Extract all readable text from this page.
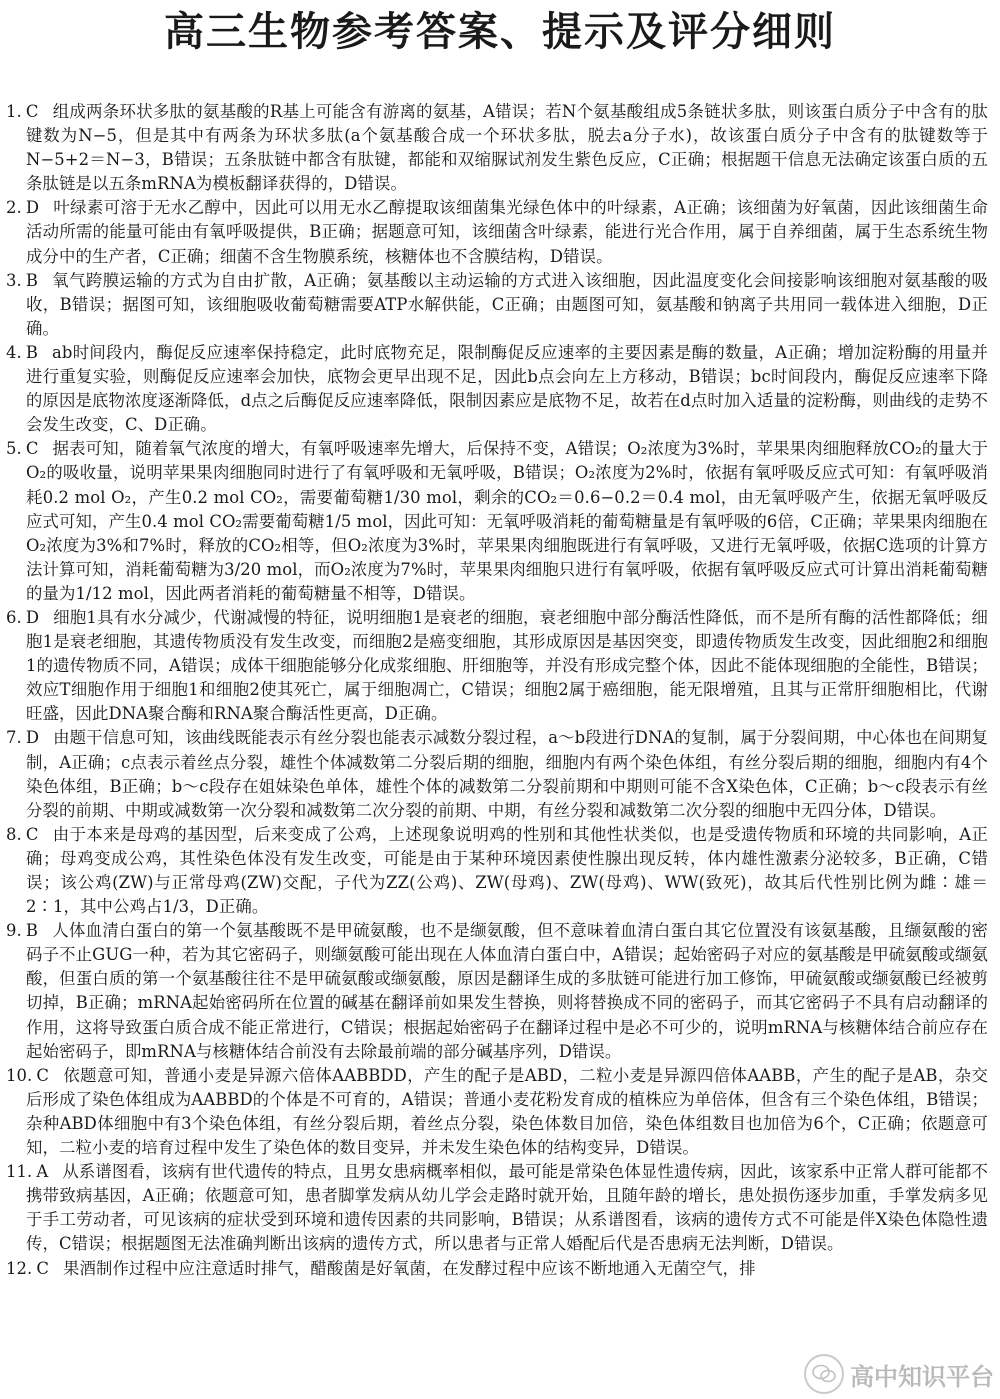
高三生物参考答案、提示及评分细则

1. C 组成两条环状多肽的氨基酸的R基上可能含有游离的氨基，A错误；若N个氨基酸组成5条链状多肽，则该蛋白质分子中含有的肽键数为N−5，但是其中有两条为环状多肽(a个氨基酸合成一个环状多肽，脱去a分子水)，故该蛋白质分子中含有的肽键数等于N−5+2＝N−3，B错误；五条肽链中都含有肽键，都能和双缩脲试剂发生紫色反应，C正确；根据题干信息无法确定该蛋白质的五条肽链是以五条mRNA为模板翻译获得的，D错误。

2. D 叶绿素可溶于无水乙醇中，因此可以用无水乙醇提取该细菌集光绿色体中的叶绿素，A正确；该细菌为好氧菌，因此该细菌生命活动所需的能量可能由有氧呼吸提供，B正确；据题意可知，该细菌含叶绿素，能进行光合作用，属于自养细菌，属于生态系统生物成分中的生产者，C正确；细菌不含生物膜系统，核糖体也不含膜结构，D错误。

3. B 氧气跨膜运输的方式为自由扩散，A正确；氨基酸以主动运输的方式进入该细胞，因此温度变化会间接影响该细胞对氨基酸的吸收，B错误；据图可知，该细胞吸收葡萄糖需要ATP水解供能，C正确；由题图可知，氨基酸和钠离子共用同一载体进入细胞，D正确。

4. B ab时间段内，酶促反应速率保持稳定，此时底物充足，限制酶促反应速率的主要因素是酶的数量，A正确；增加淀粉酶的用量并进行重复实验，则酶促反应速率会加快，底物会更早出现不足，因此b点会向左上方移动，B错误；bc时间段内，酶促反应速率下降的原因是底物浓度逐渐降低，d点之后酶促反应速率降低，限制因素应是底物不足，故若在d点时加入适量的淀粉酶，则曲线的走势不会发生改变，C、D正确。

5. C 据表可知，随着氧气浓度的增大，有氧呼吸速率先增大，后保持不变，A错误；O₂浓度为3%时，苹果果肉细胞释放CO₂的量大于O₂的吸收量，说明苹果果肉细胞同时进行了有氧呼吸和无氧呼吸，B错误；O₂浓度为2%时，依据有氧呼吸反应式可知：有氧呼吸消耗0.2 mol O₂，产生0.2 mol CO₂，需要葡萄糖1/30 mol，剩余的CO₂＝0.6−0.2＝0.4 mol，由无氧呼吸产生，依据无氧呼吸反应式可知，产生0.4 mol CO₂需要葡萄糖1/5 mol，因此可知：无氧呼吸消耗的葡萄糖量是有氧呼吸的6倍，C正确；苹果果肉细胞在O₂浓度为3%和7%时，释放的CO₂相等，但O₂浓度为3%时，苹果果肉细胞既进行有氧呼吸，又进行无氧呼吸，依据C选项的计算方法计算可知，消耗葡萄糖为3/20 mol，而O₂浓度为7%时，苹果果肉细胞只进行有氧呼吸，依据有氧呼吸反应式可计算出消耗葡萄糖的量为1/12 mol，因此两者消耗的葡萄糖量不相等，D错误。

6. D 细胞1具有水分减少，代谢减慢的特征，说明细胞1是衰老的细胞，衰老细胞中部分酶活性降低，而不是所有酶的活性都降低；细胞1是衰老细胞，其遗传物质没有发生改变，而细胞2是癌变细胞，其形成原因是基因突变，即遗传物质发生改变，因此细胞2和细胞1的遗传物质不同，A错误；成体干细胞能够分化成浆细胞、肝细胞等，并没有形成完整个体，因此不能体现细胞的全能性，B错误；效应T细胞作用于细胞1和细胞2使其死亡，属于细胞凋亡，C错误；细胞2属于癌细胞，能无限增殖，且其与正常肝细胞相比，代谢旺盛，因此DNA聚合酶和RNA聚合酶活性更高，D正确。

7. D 由题干信息可知，该曲线既能表示有丝分裂也能表示减数分裂过程，a～b段进行DNA的复制，属于分裂间期，中心体也在间期复制，A正确；c点表示着丝点分裂，雄性个体减数第二分裂后期的细胞，细胞内有两个染色体组，有丝分裂后期的细胞，细胞内有4个染色体组，B正确；b～c段存在姐妹染色单体，雄性个体的减数第二分裂前期和中期则可能不含X染色体，C正确；b～c段表示有丝分裂的前期、中期或减数第一次分裂和减数第二次分裂的前期、中期，有丝分裂和减数第二次分裂的细胞中无四分体，D错误。

8. C 由于本来是母鸡的基因型，后来变成了公鸡，上述现象说明鸡的性别和其他性状类似，也是受遗传物质和环境的共同影响，A正确；母鸡变成公鸡，其性染色体没有发生改变，可能是由于某种环境因素使性腺出现反转，体内雄性激素分泌较多，B正确，C错误；该公鸡(ZW)与正常母鸡(ZW)交配，子代为ZZ(公鸡)、ZW(母鸡)、ZW(母鸡)、WW(致死)，故其后代性别比例为雌∶雄＝2∶1，其中公鸡占1/3，D正确。

9. B 人体血清白蛋白的第一个氨基酸既不是甲硫氨酸，也不是缬氨酸，但不意味着血清白蛋白其它位置没有该氨基酸，且缬氨酸的密码子不止GUG一种，若为其它密码子，则缬氨酸可能出现在人体血清白蛋白中，A错误；起始密码子对应的氨基酸是甲硫氨酸或缬氨酸，但蛋白质的第一个氨基酸往往不是甲硫氨酸或缬氨酸，原因是翻译生成的多肽链可能进行加工修饰，甲硫氨酸或缬氨酸已经被剪切掉，B正确；mRNA起始密码所在位置的碱基在翻译前如果发生替换，则将替换成不同的密码子，而其它密码子不具有启动翻译的作用，这将导致蛋白质合成不能正常进行，C错误；根据起始密码子在翻译过程中是必不可少的，说明mRNA与核糖体结合前应存在起始密码子，即mRNA与核糖体结合前没有去除最前端的部分碱基序列，D错误。

10. C 依题意可知，普通小麦是异源六倍体AABBDD，产生的配子是ABD，二粒小麦是异源四倍体AABB，产生的配子是AB，杂交后形成了染色体组成为AABBD的个体是不可育的，A错误；普通小麦花粉发育成的植株应为单倍体，但含有三个染色体组，B错误；杂种ABD体细胞中有3个染色体组，有丝分裂后期，着丝点分裂，染色体数目加倍，染色体组数目也加倍为6个，C正确；依题意可知，二粒小麦的培育过程中发生了染色体的数目变异，并未发生染色体的结构变异，D错误。

11. A 从系谱图看，该病有世代遗传的特点，且男女患病概率相似，最可能是常染色体显性遗传病，因此，该家系中正常人群可能都不携带致病基因，A正确；依题意可知，患者脚掌发病从幼儿学会走路时就开始，且随年龄的增长，患处损伤逐步加重，手掌发病多见于手工劳动者，可见该病的症状受到环境和遗传因素的共同影响，B错误；从系谱图看，该病的遗传方式不可能是伴X染色体隐性遗传，C错误；根据题图无法准确判断出该病的遗传方式，所以患者与正常人婚配后代是否患病无法判断，D错误。

12. C 果酒制作过程中应注意适时排气，醋酸菌是好氧菌，在发酵过程中应该不断地通入无菌空气，排

高中知识平台
